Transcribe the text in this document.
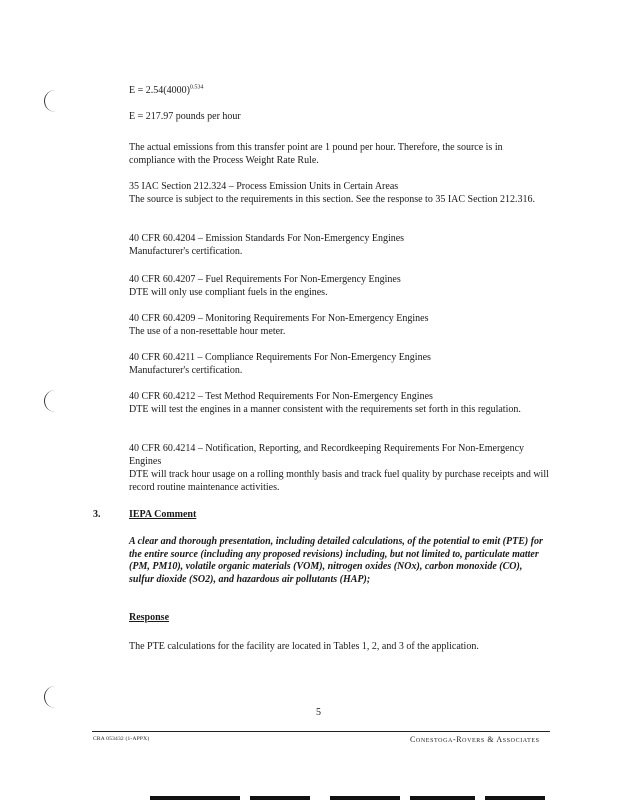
$E = 2.54(4000)^{0.534}$
E = 217.97 pounds per hour
The actual emissions from this transfer point are 1 pound per hour. Therefore, the source is in compliance with the Process Weight Rate Rule.
35 IAC Section 212.324 – Process Emission Units in Certain Areas
The source is subject to the requirements in this section. See the response to 35 IAC Section 212.316.
40 CFR 60.4204 – Emission Standards For Non-Emergency Engines
Manufacturer's certification.
40 CFR 60.4207 – Fuel Requirements For Non-Emergency Engines
DTE will only use compliant fuels in the engines.
40 CFR 60.4209 – Monitoring Requirements For Non-Emergency Engines
The use of a non-resettable hour meter.
40 CFR 60.4211 – Compliance Requirements For Non-Emergency Engines
Manufacturer's certification.
40 CFR 60.4212 – Test Method Requirements For Non-Emergency Engines
DTE will test the engines in a manner consistent with the requirements set forth in this regulation.
40 CFR 60.4214 – Notification, Reporting, and Recordkeeping Requirements For Non-Emergency Engines
DTE will track hour usage on a rolling monthly basis and track fuel quality by purchase receipts and will record routine maintenance activities.
3.	IEPA Comment
A clear and thorough presentation, including detailed calculations, of the potential to emit (PTE) for the entire source (including any proposed revisions) including, but not limited to, particulate matter (PM, PM10), volatile organic materials (VOM), nitrogen oxides (NOx), carbon monoxide (CO), sulfur dioxide (SO2), and hazardous air pollutants (HAP);
Response
The PTE calculations for the facility are located in Tables 1, 2, and 3 of the application.
5
CRA 053432 (1-APPX)	Conestoga-Rovers & Associates
